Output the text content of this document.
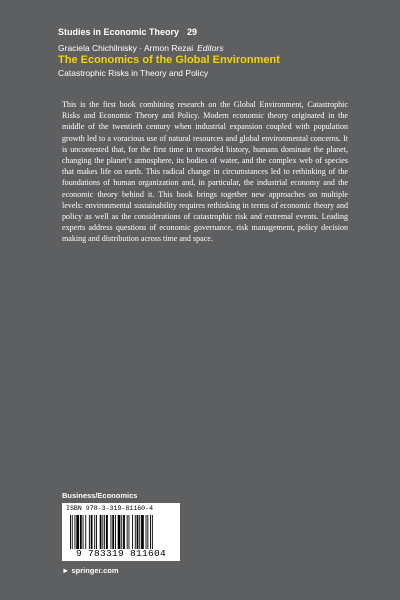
Studies in Economic Theory 29
Graciela Chichilnisky · Armon Rezai Editors
The Economics of the Global Environment
Catastrophic Risks in Theory and Policy

This is the first book combining research on the Global Environment, Catastrophic Risks and Economic Theory and Policy. Modern economic theory originated in the middle of the twentieth century when industrial expansion coupled with population growth led to a voracious use of natural resources and global environmental concerns. It is uncontested that, for the first time in recorded history, humans dominate the planet, changing the planet’s atmosphere, its bodies of water, and the complex web of species that makes life on earth. This radical change in circumstances led to rethinking of the foundations of human organization and, in particular, the industrial economy and the economic theory behind it. This book brings together new approaches on multiple levels: environmental sustainability requires rethinking in terms of economic theory and policy as well as the considerations of catastrophic risk and extremal events. Leading experts address questions of economic governance, risk management, policy decision making and distribution across time and space.

Business/Economics
ISBN 978-3-319-81160-4
9 783319 811604
► springer.com
